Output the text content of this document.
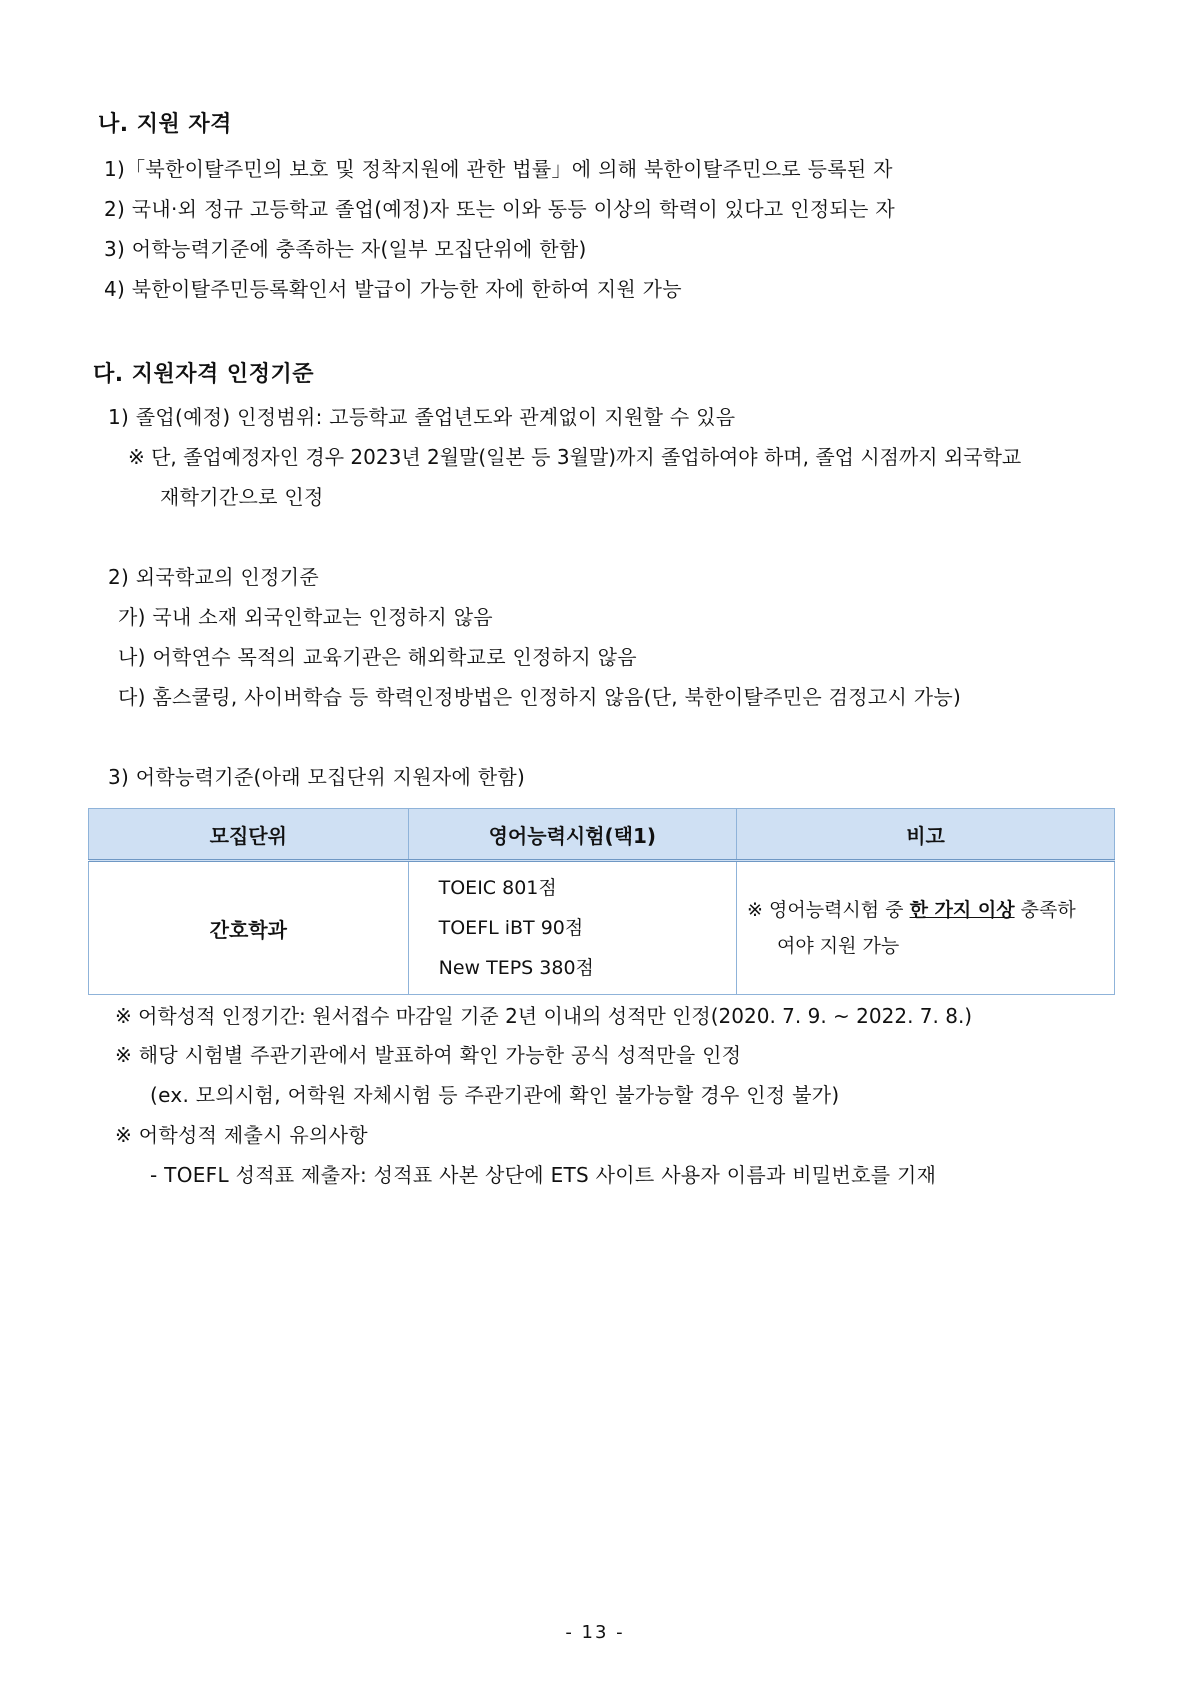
나. 지원 자격
1)「북한이탈주민의 보호 및 정착지원에 관한 법률」에 의해 북한이탈주민으로 등록된 자
2) 국내·외 정규 고등학교 졸업(예정)자 또는 이와 동등 이상의 학력이 있다고 인정되는 자
3) 어학능력기준에 충족하는 자(일부 모집단위에 한함)
4) 북한이탈주민등록확인서 발급이 가능한 자에 한하여 지원 가능
다. 지원자격 인정기준
1) 졸업(예정) 인정범위: 고등학교 졸업년도와 관계없이 지원할 수 있음
※ 단, 졸업예정자인 경우 2023년 2월말(일본 등 3월말)까지 졸업하여야 하며, 졸업 시점까지 외국학교
재학기간으로 인정
2) 외국학교의 인정기준
가) 국내 소재 외국인학교는 인정하지 않음
나) 어학연수 목적의 교육기관은 해외학교로 인정하지 않음
다) 홈스쿨링, 사이버학습 등 학력인정방법은 인정하지 않음(단, 북한이탈주민은 검정고시 가능)
3) 어학능력기준(아래 모집단위 지원자에 한함)
모집단위	영어능력시험(택1)	비고
간호학과	TOEIC 801점
TOEFL iBT 90점
New TEPS 380점	※ 영어능력시험 중 한 가지 이상 충족하
여야 지원 가능
※ 어학성적 인정기간: 원서접수 마감일 기준 2년 이내의 성적만 인정(2020. 7. 9. ~ 2022. 7. 8.)
※ 해당 시험별 주관기관에서 발표하여 확인 가능한 공식 성적만을 인정
(ex. 모의시험, 어학원 자체시험 등 주관기관에 확인 불가능할 경우 인정 불가)
※ 어학성적 제출시 유의사항
- TOEFL 성적표 제출자: 성적표 사본 상단에 ETS 사이트 사용자 이름과 비밀번호를 기재
- 13 -
